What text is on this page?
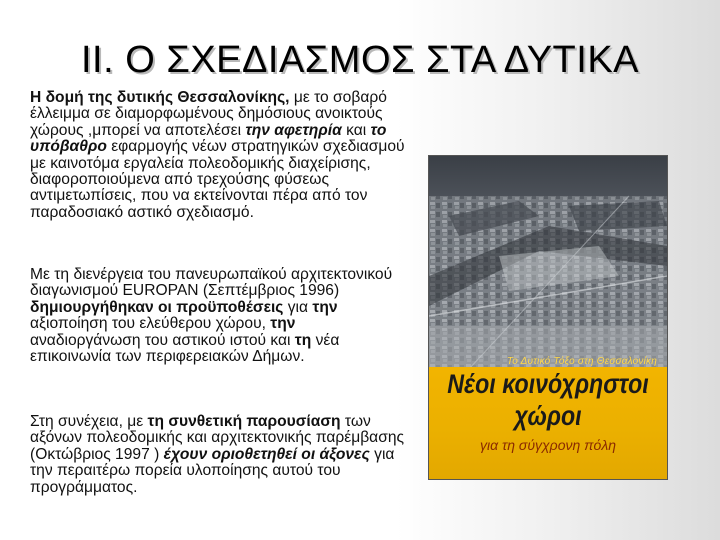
II. Ο ΣΧΕΔΙΑΣΜΟΣ ΣΤΑ ΔΥΤΙΚΑ
Η δομή της δυτικής Θεσσαλονίκης, με το σοβαρό έλλειμμα σε διαμορφωμένους δημόσιους ανοικτούς χώρους ,μπορεί να αποτελέσει την αφετηρία και το υπόβαθρο εφαρμογής νέων στρατηγικών σχεδιασμού με καινοτόμα εργαλεία πολεοδομικής διαχείρισης, διαφοροποιούμενα από τρεχούσης φύσεως αντιμετωπίσεις, που να εκτείνονται πέρα από τον παραδοσιακό αστικό σχεδιασμό.
Με τη διενέργεια του πανευρωπαϊκού αρχιτεκτονικού διαγωνισμού EUROPAN (Σεπτέμβριος 1996) δημιουργήθηκαν οι προϋποθέσεις για την αξιοποίηση του ελεύθερου χώρου, την αναδιοργάνωση του αστικού ιστού και τη νέα επικοινωνία των περιφερειακών Δήμων.
Στη συνέχεια, με τη συνθετική παρουσίαση των αξόνων πολεοδομικής και αρχιτεκτονικής παρέμβασης (Οκτώβριος 1997 ) έχουν οριοθετηθεί οι άξονες για την περαιτέρω πορεία υλοποίησης αυτού του προγράμματος.
Το Δυτικό Τόξο στη Θεσσαλονίκη
Νέοι κοινόχρηστοι
χώροι
για τη σύγχρονη πόλη
